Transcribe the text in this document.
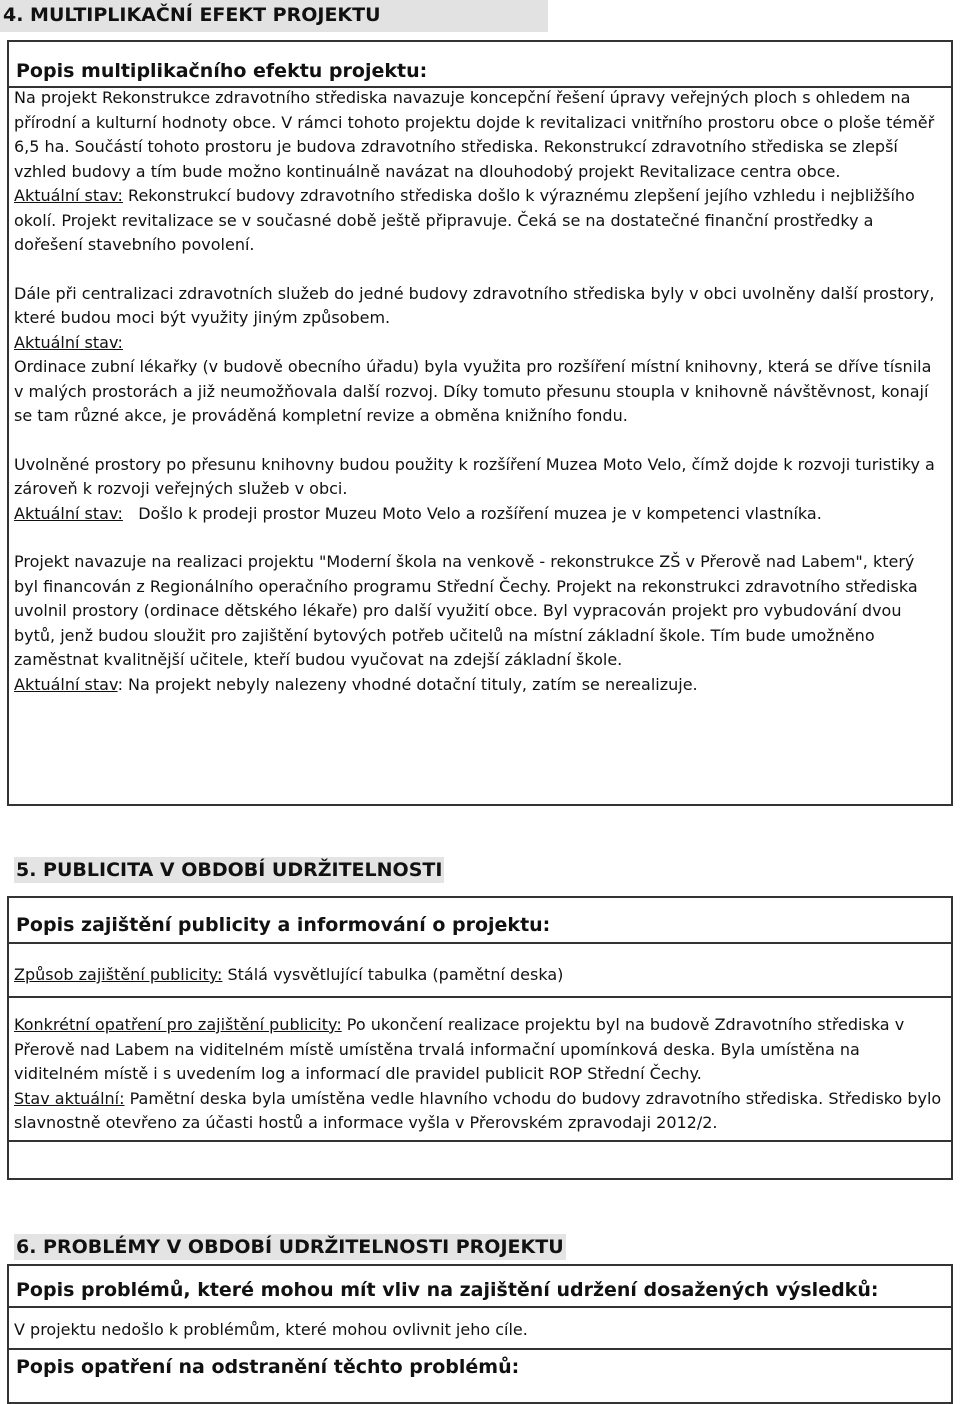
4. MULTIPLIKAČNÍ EFEKT PROJEKTU
Popis multiplikačního efektu projektu:

Na projekt Rekonstrukce zdravotního střediska navazuje koncepční řešení úpravy veřejných ploch s ohledem na přírodní a kulturní hodnoty obce. V rámci tohoto projektu dojde k revitalizaci vnitřního prostoru obce o ploše téměř 6,5 ha. Součástí tohoto prostoru je budova zdravotního střediska. Rekonstrukcí zdravotního střediska se zlepší vzhled budovy a tím bude možno kontinuálně navázat na dlouhodobý projekt Revitalizace centra obce.

Aktuální stav: Rekonstrukcí budovy zdravotního střediska došlo k výraznému zlepšení jejího vzhledu i nejbližšího okolí. Projekt revitalizace se v současné době ještě připravuje. Čeká se na dostatečné finanční prostředky a dořešení stavebního povolení.

Dále při centralizaci zdravotních služeb do jedné budovy zdravotního střediska byly v obci uvolněny další prostory, které budou moci být využity jiným způsobem.

Aktuální stav:

Ordinace zubní lékařky (v budově obecního úřadu) byla využita pro rozšíření místní knihovny, která se dříve tísnila v malých prostorách a již neumožňovala další rozvoj. Díky tomuto přesunu stoupla v knihovně návštěvnost, konají se tam různé akce, je prováděná kompletní revize a obměna knižního fondu.

Uvolněné prostory po přesunu knihovny budou použity k rozšíření Muzea Moto Velo, čímž dojde k rozvoji turistiky a zároveň k rozvoji veřejných služeb v obci.

Aktuální stav: Došlo k prodeji prostor Muzeu Moto Velo a rozšíření muzea je v kompetenci vlastníka.

Projekt navazuje na realizaci projektu "Moderní škola na venkově - rekonstrukce ZŠ v Přerově nad Labem", který byl financován z Regionálního operačního programu Střední Čechy. Projekt na rekonstrukci zdravotního střediska uvolnil prostory (ordinace dětského lékaře) pro další využití obce. Byl vypracován projekt pro vybudování dvou bytů, jenž budou sloužit pro zajištění bytových potřeb učitelů na místní základní škole. Tím bude umožněno zaměstnat kvalitnější učitele, kteří budou vyučovat na zdejší základní škole.

Aktuální stav: Na projekt nebyly nalezeny vhodné dotační tituly, zatím se nerealizuje.

5. PUBLICITA V OBDOBÍ UDRŽITELNOSTI
Popis zajištění publicity a informování o projektu:

Způsob zajištění publicity: Stálá vysvětlující tabulka (pamětní deska)

Konkrétní opatření pro zajištění publicity: Po ukončení realizace projektu byl na budově Zdravotního střediska v Přerově nad Labem na viditelném místě umístěna trvalá informační upomínková deska. Byla umístěna na viditelném místě i s uvedením log a informací dle pravidel publicit ROP Střední Čechy.

Stav aktuální: Pamětní deska byla umístěna vedle hlavního vchodu do budovy zdravotního střediska. Středisko bylo slavnostně otevřeno za účasti hostů a informace vyšla v Přerovském zpravodaji 2012/2.

6. PROBLÉMY V OBDOBÍ UDRŽITELNOSTI PROJEKTU
Popis problémů, které mohou mít vliv na zajištění udržení dosažených výsledků:
V projektu nedošlo k problémům, které mohou ovlivnit jeho cíle.
Popis opatření na odstranění těchto problémů:
